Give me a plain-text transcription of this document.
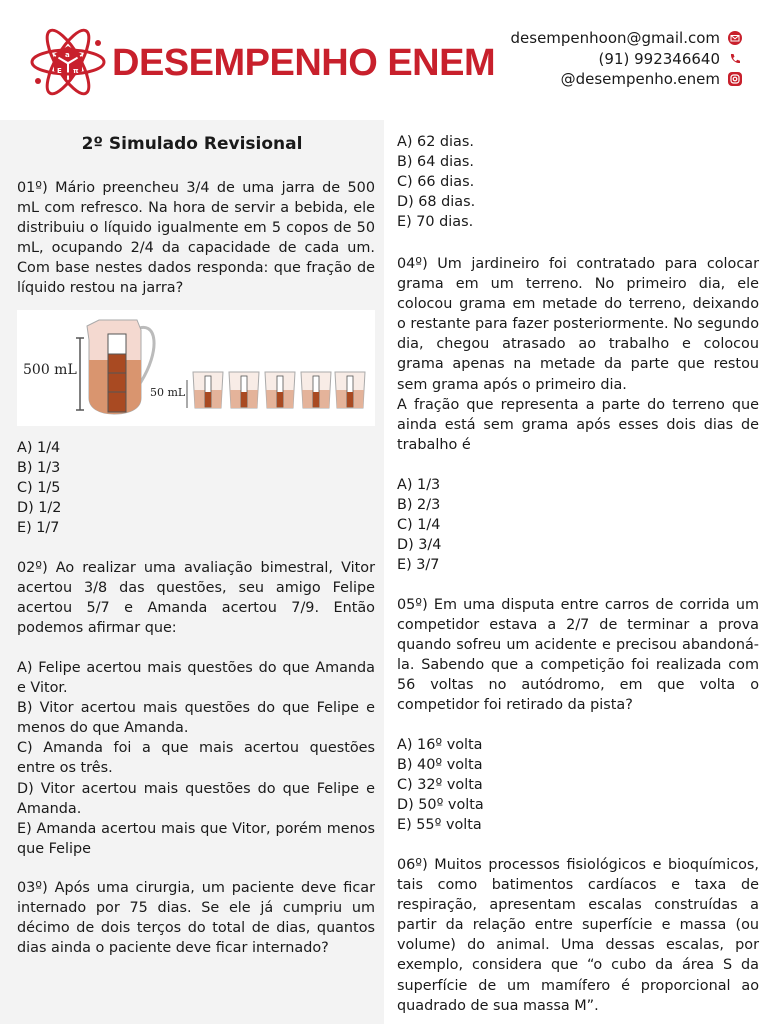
a
E π DESEMPENHO ENEM
desempenhoon@gmail.com
(91) 992346640
@desempenho.enem
2º Simulado Revisional
01º) Mário preencheu 3/4 de uma jarra de 500 mL com refresco. Na hora de servir a bebida, ele distribuiu o líquido igualmente em 5 copos de 50 mL, ocupando 2/4 da capacidade de cada um. Com base nestes dados responda: que fração de líquido restou na jarra?
500 mL
50 mL
A) 1/4
B) 1/3
C) 1/5
D) 1/2
E) 1/7
02º) Ao realizar uma avaliação bimestral, Vitor acertou 3/8 das questões, seu amigo Felipe acertou 5/7 e Amanda acertou 7/9. Então podemos afirmar que:
A) Felipe acertou mais questões do que Amanda e Vitor.
B) Vitor acertou mais questões do que Felipe e menos do que Amanda.
C) Amanda foi a que mais acertou questões entre os três.
D) Vitor acertou mais questões do que Felipe e Amanda.
E) Amanda acertou mais que Vitor, porém menos que Felipe
03º) Após uma cirurgia, um paciente deve ficar internado por 75 dias. Se ele já cumpriu um décimo de dois terços do total de dias, quantos dias ainda o paciente deve ficar internado?
A) 62 dias.
B) 64 dias.
C) 66 dias.
D) 68 dias.
E) 70 dias.
04º) Um jardineiro foi contratado para colocar grama em um terreno. No primeiro dia, ele colocou grama em metade do terreno, deixando o restante para fazer posteriormente. No segundo dia, chegou atrasado ao trabalho e colocou grama apenas na metade da parte que restou sem grama após o primeiro dia.
A fração que representa a parte do terreno que ainda está sem grama após esses dois dias de trabalho é
A) 1/3
B) 2/3
C) 1/4
D) 3/4
E) 3/7
05º) Em uma disputa entre carros de corrida um competidor estava a 2/7 de terminar a prova quando sofreu um acidente e precisou abandoná-la. Sabendo que a competição foi realizada com 56 voltas no autódromo, em que volta o competidor foi retirado da pista?
A) 16º volta
B) 40º volta
C) 32º volta
D) 50º volta
E) 55º volta
06º) Muitos processos fisiológicos e bioquímicos, tais como batimentos cardíacos e taxa de respiração, apresentam escalas construídas a partir da relação entre superfície e massa (ou volume) do animal. Uma dessas escalas, por exemplo, considera que “o cubo da área S da superfície de um mamífero é proporcional ao quadrado de sua massa M”.
